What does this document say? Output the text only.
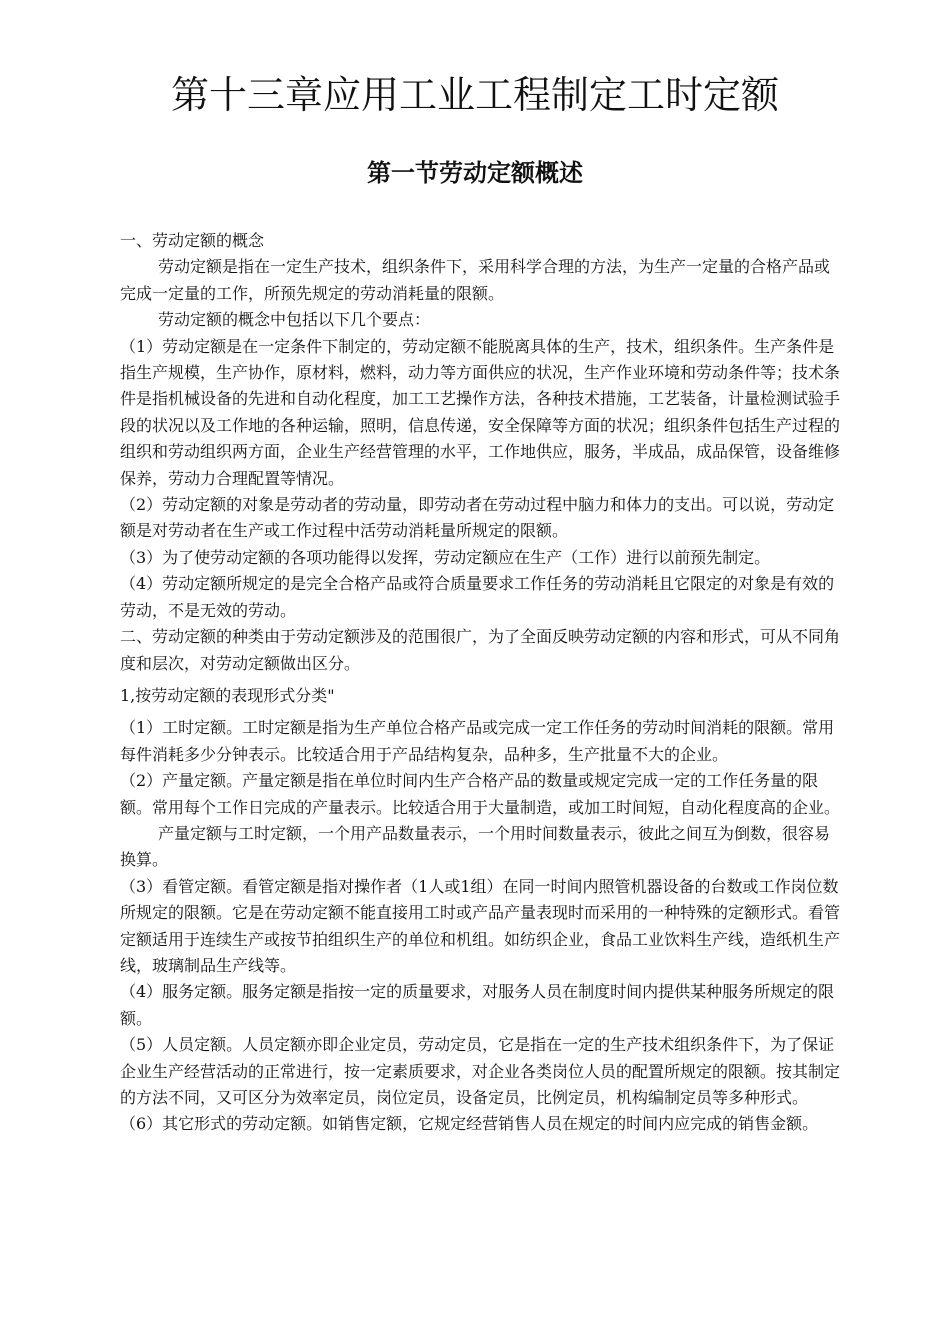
第十三章应用工业工程制定工时定额
第一节劳动定额概述

一、劳动定额的概念

劳动定额是指在一定生产技术，组织条件下，采用科学合理的方法，为生产一定量的合格产品或完成一定量的工作，所预先规定的劳动消耗量的限额。

劳动定额的概念中包括以下几个要点：

（1）劳动定额是在一定条件下制定的，劳动定额不能脱离具体的生产，技术，组织条件。生产条件是指生产规模，生产协作，原材料，燃料，动力等方面供应的状况，生产作业环境和劳动条件等；技术条件是指机械设备的先进和自动化程度，加工工艺操作方法，各种技术措施，工艺装备，计量检测试验手段的状况以及工作地的各种运输，照明，信息传递，安全保障等方面的状况；组织条件包括生产过程的组织和劳动组织两方面，企业生产经营管理的水平，工作地供应，服务，半成品，成品保管，设备维修保养，劳动力合理配置等情况。

（2）劳动定额的对象是劳动者的劳动量，即劳动者在劳动过程中脑力和体力的支出。可以说，劳动定额是对劳动者在生产或工作过程中活劳动消耗量所规定的限额。

（3）为了使劳动定额的各项功能得以发挥，劳动定额应在生产（工作）进行以前预先制定。

（4）劳动定额所规定的是完全合格产品或符合质量要求工作任务的劳动消耗且它限定的对象是有效的劳动，不是无效的劳动。

二、劳动定额的种类由于劳动定额涉及的范围很广，为了全面反映劳动定额的内容和形式，可从不同角度和层次，对劳动定额做出区分。

1,按劳动定额的表现形式分类"

（1）工时定额。工时定额是指为生产单位合格产品或完成一定工作任务的劳动时间消耗的限额。常用每件消耗多少分钟表示。比较适合用于产品结构复杂，品种多，生产批量不大的企业。

（2）产量定额。产量定额是指在单位时间内生产合格产品的数量或规定完成一定的工作任务量的限额。常用每个工作日完成的产量表示。比较适合用于大量制造，或加工时间短，自动化程度高的企业。

产量定额与工时定额，一个用产品数量表示，一个用时间数量表示，彼此之间互为倒数，很容易换算。

（3）看管定额。看管定额是指对操作者（1人或1组）在同一时间内照管机器设备的台数或工作岗位数所规定的限额。它是在劳动定额不能直接用工时或产品产量表现时而采用的一种特殊的定额形式。看管定额适用于连续生产或按节拍组织生产的单位和机组。如纺织企业，食品工业饮料生产线，造纸机生产线，玻璃制品生产线等。

（4）服务定额。服务定额是指按一定的质量要求，对服务人员在制度时间内提供某种服务所规定的限额。

（5）人员定额。人员定额亦即企业定员，劳动定员，它是指在一定的生产技术组织条件下，为了保证企业生产经营活动的正常进行，按一定素质要求，对企业各类岗位人员的配置所规定的限额。按其制定的方法不同，又可区分为效率定员，岗位定员，设备定员，比例定员，机构编制定员等多种形式。

（6）其它形式的劳动定额。如销售定额，它规定经营销售人员在规定的时间内应完成的销售金额。
